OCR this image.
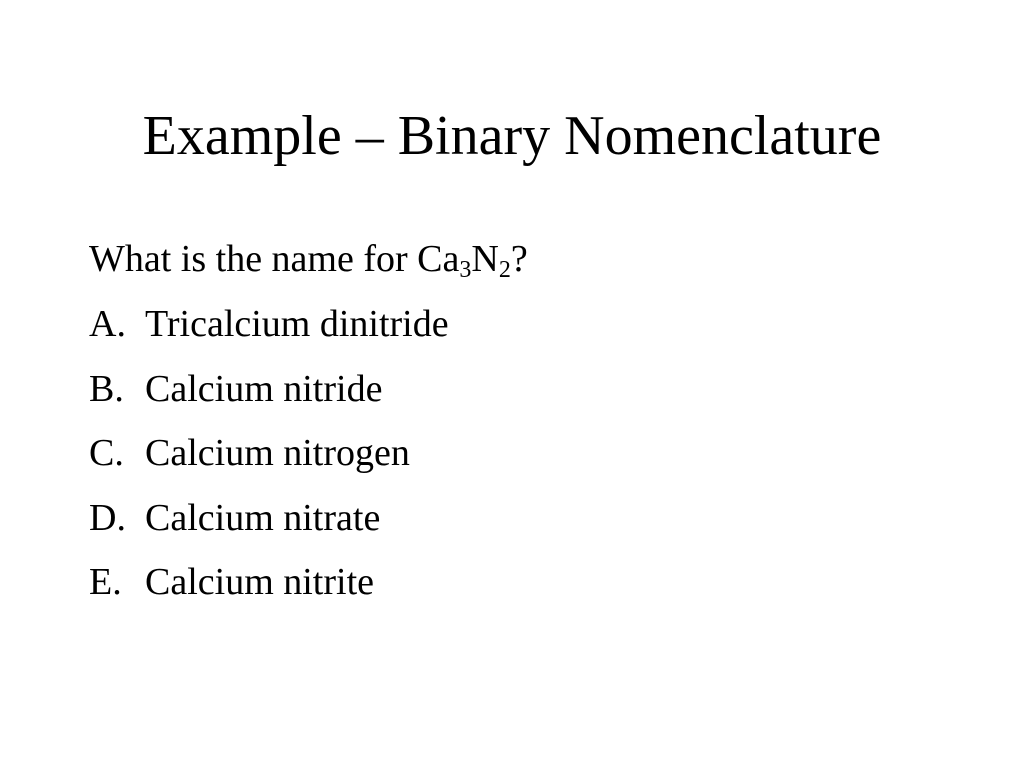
Example – Binary Nomenclature
What is the name for $Ca_3N_2$?
A. Tricalcium dinitride
B. Calcium nitride
C. Calcium nitrogen
D. Calcium nitrate
E. Calcium nitrite
